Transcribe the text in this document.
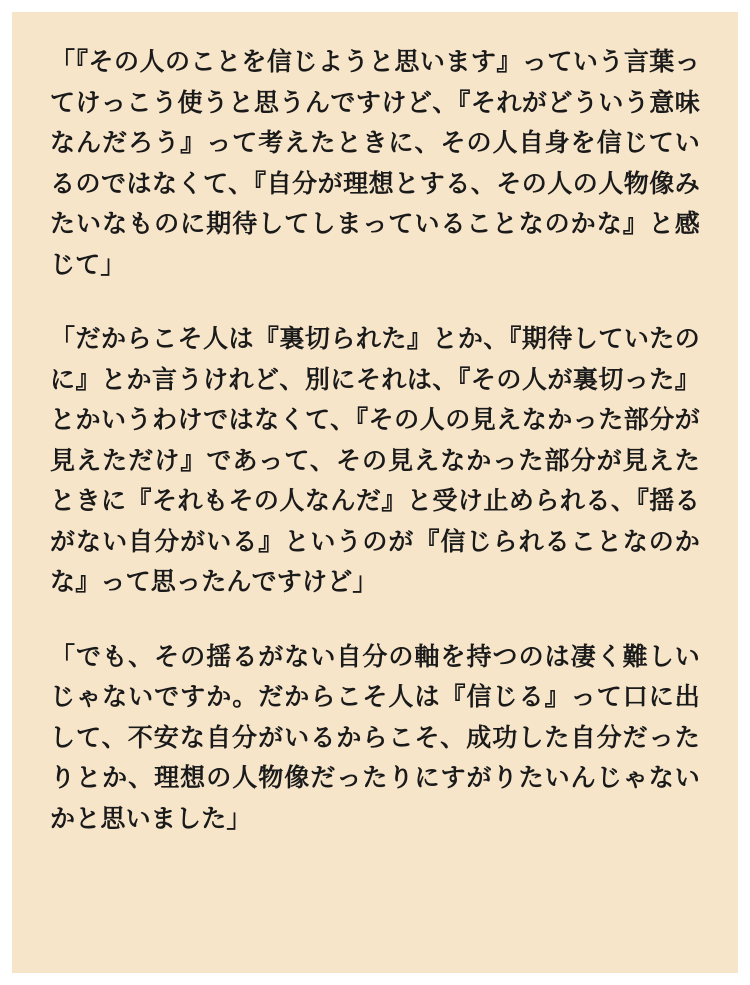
「『その人のことを信じようと思います』っていう言葉ってけっこう使うと思うんですけど、『それがどういう意味なんだろう』って考えたときに、その人自身を信じているのではなくて、『自分が理想とする、その人の人物像みたいなものに期待してしまっていることなのかな』と感じて」

「だからこそ人は『裏切られた』とか、『期待していたのに』とか言うけれど、別にそれは、『その人が裏切った』とかいうわけではなくて、『その人の見えなかった部分が見えただけ』であって、その見えなかった部分が見えたときに『それもその人なんだ』と受け止められる、『揺るがない自分がいる』というのが『信じられることなのかな』って思ったんですけど」

「でも、その揺るがない自分の軸を持つのは凄く難しいじゃないですか。だからこそ人は『信じる』って口に出して、不安な自分がいるからこそ、成功した自分だったりとか、理想の人物像だったりにすがりたいんじゃないかと思いました」
